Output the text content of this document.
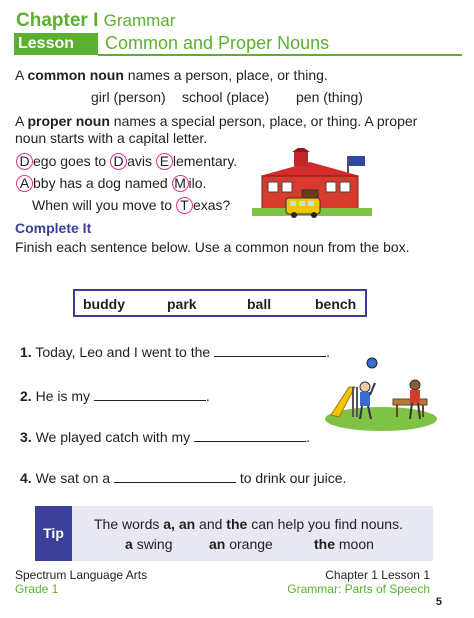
Chapter I Grammar
Lesson 1.1
Common and Proper Nouns
A common noun names a person, place, or thing.
girl (person) school (place) pen (thing)
A proper noun names a special person, place, or thing. A proper
noun starts with a capital letter.
D ego goes to D avis E lementary.
A bby has a dog named M ilo.
When will you move to T exas?
Complete It
Finish each sentence below. Use a common noun from the box.
buddy	park	ball	bench
1. Today, Leo and I went to the	.
2. He is my	.
3. We played catch with my	.
4. We sat on a	to drink our juice.
Tip
The words a, an and the can help you find nouns.
a swing	an orange	the moon
Spectrum Language Arts
Grade 1
Chapter 1 Lesson 1
Grammar: Parts of Speech
5
